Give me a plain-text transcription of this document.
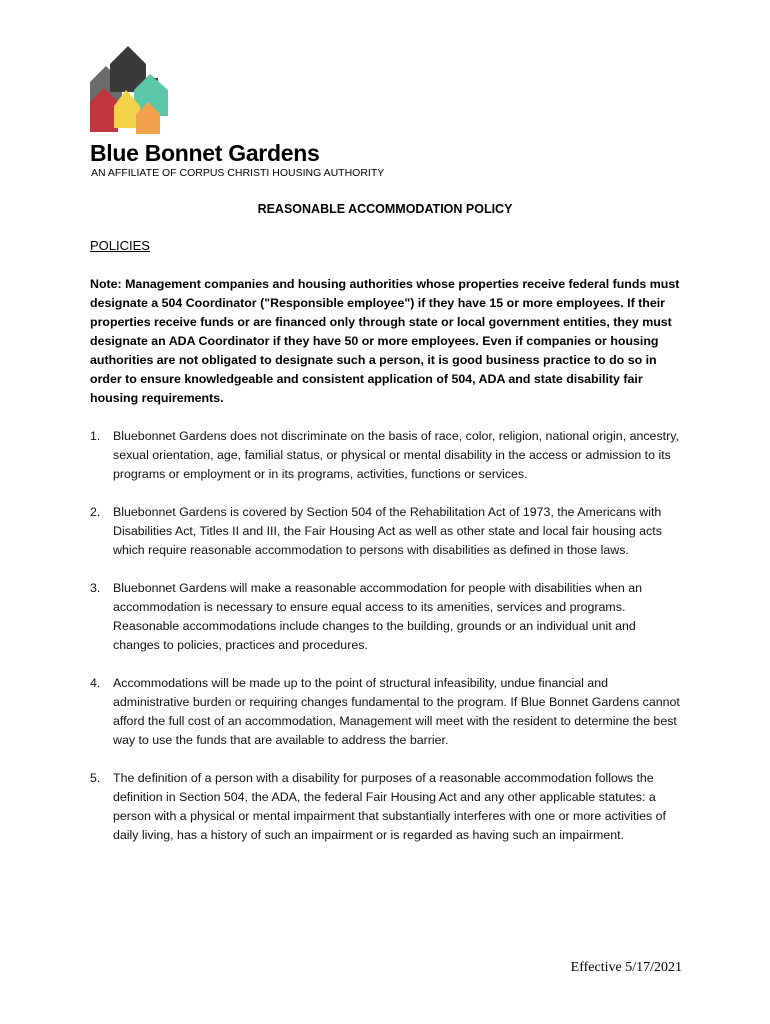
Blue Bonnet Gardens
AN AFFILIATE OF CORPUS CHRISTI HOUSING AUTHORITY
REASONABLE ACCOMMODATION POLICY
POLICIES
Note: Management companies and housing authorities whose properties receive federal funds must designate a 504 Coordinator ("Responsible employee") if they have 15 or more employees. If their properties receive funds or are financed only through state or local government entities, they must designate an ADA Coordinator if they have 50 or more employees. Even if companies or housing authorities are not obligated to designate such a person, it is good business practice to do so in order to ensure knowledgeable and consistent application of 504, ADA and state disability fair housing requirements.
1. Bluebonnet Gardens does not discriminate on the basis of race, color, religion, national origin, ancestry, sexual orientation, age, familial status, or physical or mental disability in the access or admission to its programs or employment or in its programs, activities, functions or services.
2. Bluebonnet Gardens is covered by Section 504 of the Rehabilitation Act of 1973, the Americans with Disabilities Act, Titles II and III, the Fair Housing Act as well as other state and local fair housing acts which require reasonable accommodation to persons with disabilities as defined in those laws.
3. Bluebonnet Gardens will make a reasonable accommodation for people with disabilities when an accommodation is necessary to ensure equal access to its amenities, services and programs. Reasonable accommodations include changes to the building, grounds or an individual unit and changes to policies, practices and procedures.
4. Accommodations will be made up to the point of structural infeasibility, undue financial and administrative burden or requiring changes fundamental to the program. If Blue Bonnet Gardens cannot afford the full cost of an accommodation, Management will meet with the resident to determine the best way to use the funds that are available to address the barrier.
5. The definition of a person with a disability for purposes of a reasonable accommodation follows the definition in Section 504, the ADA, the federal Fair Housing Act and any other applicable statutes: a person with a physical or mental impairment that substantially interferes with one or more activities of daily living, has a history of such an impairment or is regarded as having such an impairment.
Effective 5/17/2021
